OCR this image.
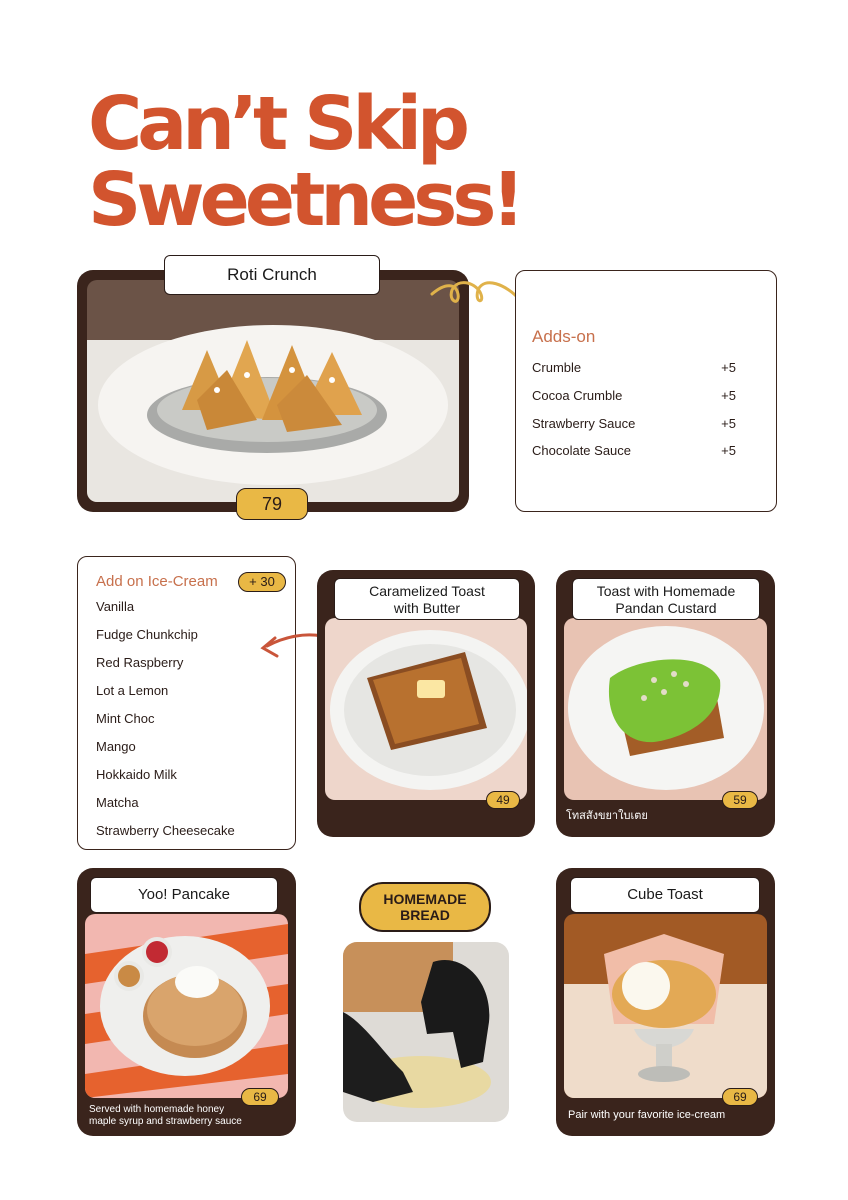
Can’t Skip
Sweetness!
Roti Crunch
79
Adds-on
Crumble	+5
Cocoa Crumble	+5
Strawberry Sauce	+5
Chocolate Sauce	+5
Add on Ice-Cream	+ 30
Vanilla
Fudge Chunkchip
Red Raspberry
Lot a Lemon
Mint Choc
Mango
Hokkaido Milk
Matcha
Strawberry Cheesecake
Caramelized Toast
with Butter
49
โทสสังขยาใบเตย
Toast with Homemade
Pandan Custard
59
Served with homemade honey
maple syrup and strawberry sauce
Yoo! Pancake
69
HOMEMADE
BREAD
Pair with your favorite ice-cream
Cube Toast
69
